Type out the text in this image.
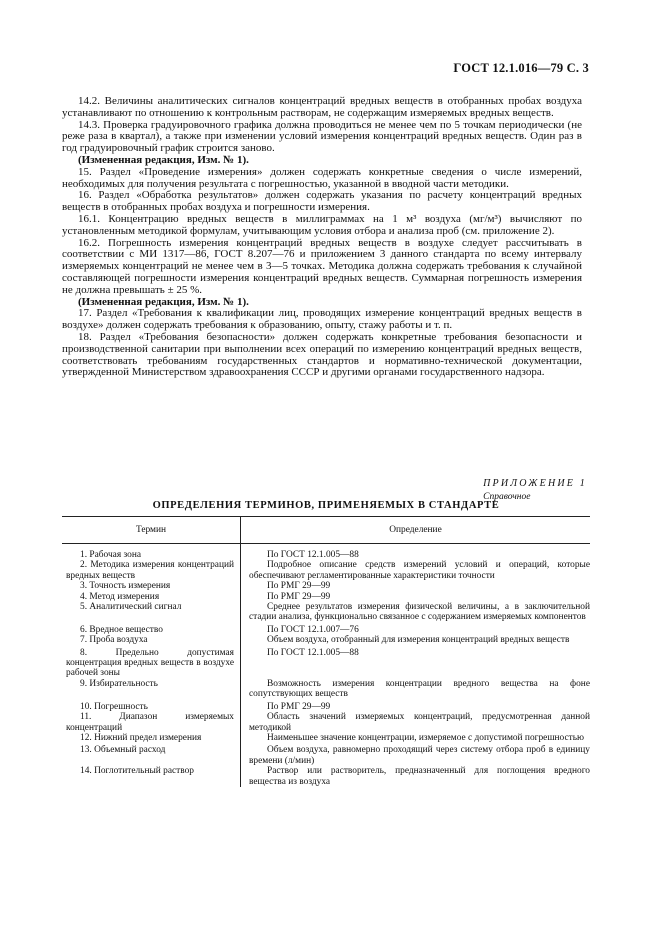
ГОСТ 12.1.016—79 С. 3

14.2. Величины аналитических сигналов концентраций вредных веществ в отобранных пробах воздуха устанавливают по отношению к контрольным растворам, не содержащим измеряемых вредных веществ.

14.3. Проверка градуировочного графика должна проводиться не менее чем по 5 точкам периодически (не реже раза в квартал), а также при изменении условий измерения концентраций вредных веществ. Один раз в год градуировочный график строится заново.

(Измененная редакция, Изм. № 1).

15. Раздел «Проведение измерения» должен содержать конкретные сведения о числе измерений, необходимых для получения результата с погрешностью, указанной в вводной части методики.

16. Раздел «Обработка результатов» должен содержать указания по расчету концентраций вредных веществ в отобранных пробах воздуха и погрешности измерения.

16.1. Концентрацию вредных веществ в миллиграммах на 1 м³ воздуха (мг/м³) вычисляют по установленным методикой формулам, учитывающим условия отбора и анализа проб (см. приложение 2).

16.2. Погрешность измерения концентраций вредных веществ в воздухе следует рассчитывать в соответствии с МИ 1317—86, ГОСТ 8.207—76 и приложением 3 данного стандарта по всему интервалу измеряемых концентраций не менее чем в 3—5 точках. Методика должна содержать требования к случайной составляющей погрешности измерения концентраций вредных веществ. Суммарная погрешность измерения не должна превышать ± 25 %.

(Измененная редакция, Изм. № 1).

17. Раздел «Требования к квалификации лиц, проводящих измерение концентраций вредных веществ в воздухе» должен содержать требования к образованию, опыту, стажу работы и т. п.

18. Раздел «Требования безопасности» должен содержать конкретные требования безопасности и производственной санитарии при выполнении всех операций по измерению концентраций вредных веществ, соответствовать требованиям государственных стандартов и нормативно-технической документации, утвержденной Министерством здравоохранения СССР и другими органами государственного надзора.

ПРИЛОЖЕНИЕ 1
Справочное
ОПРЕДЕЛЕНИЯ ТЕРМИНОВ, ПРИМЕНЯЕМЫХ В СТАНДАРТЕ
Термин	Определение
1. Рабочая зона	По ГОСТ 12.1.005—88
2. Методика измерения концентраций вредных веществ	Подробное описание средств измерений условий и операций, которые обеспечивают регламентированные характеристики точности
3. Точность измерения	По РМГ 29—99
4. Метод измерения	По РМГ 29—99
5. Аналитический сигнал	Среднее результатов измерения физической величины, а в заключительной стадии анализа, функционально связанное с содержанием измеряемых компонентов
6. Вредное вещество	По ГОСТ 12.1.007—76
7. Проба воздуха	Объем воздуха, отобранный для измерения концентраций вредных веществ
8. Предельно допустимая концентрация вредных веществ в воздухе рабочей зоны	По ГОСТ 12.1.005—88
9. Избирательность	Возможность измерения концентрации вредного вещества на фоне сопутствующих веществ
10. Погрешность	По РМГ 29—99
11. Диапазон измеряемых концентраций	Область значений измеряемых концентраций, предусмотренная данной методикой
12. Нижний предел измерения	Наименьшее значение концентрации, измеряемое с допустимой погрешностью
13. Объемный расход	Объем воздуха, равномерно проходящий через систему отбора проб в единицу времени (л/мин)
14. Поглотительный раствор	Раствор или растворитель, предназначенный для поглощения вредного вещества из воздуха
